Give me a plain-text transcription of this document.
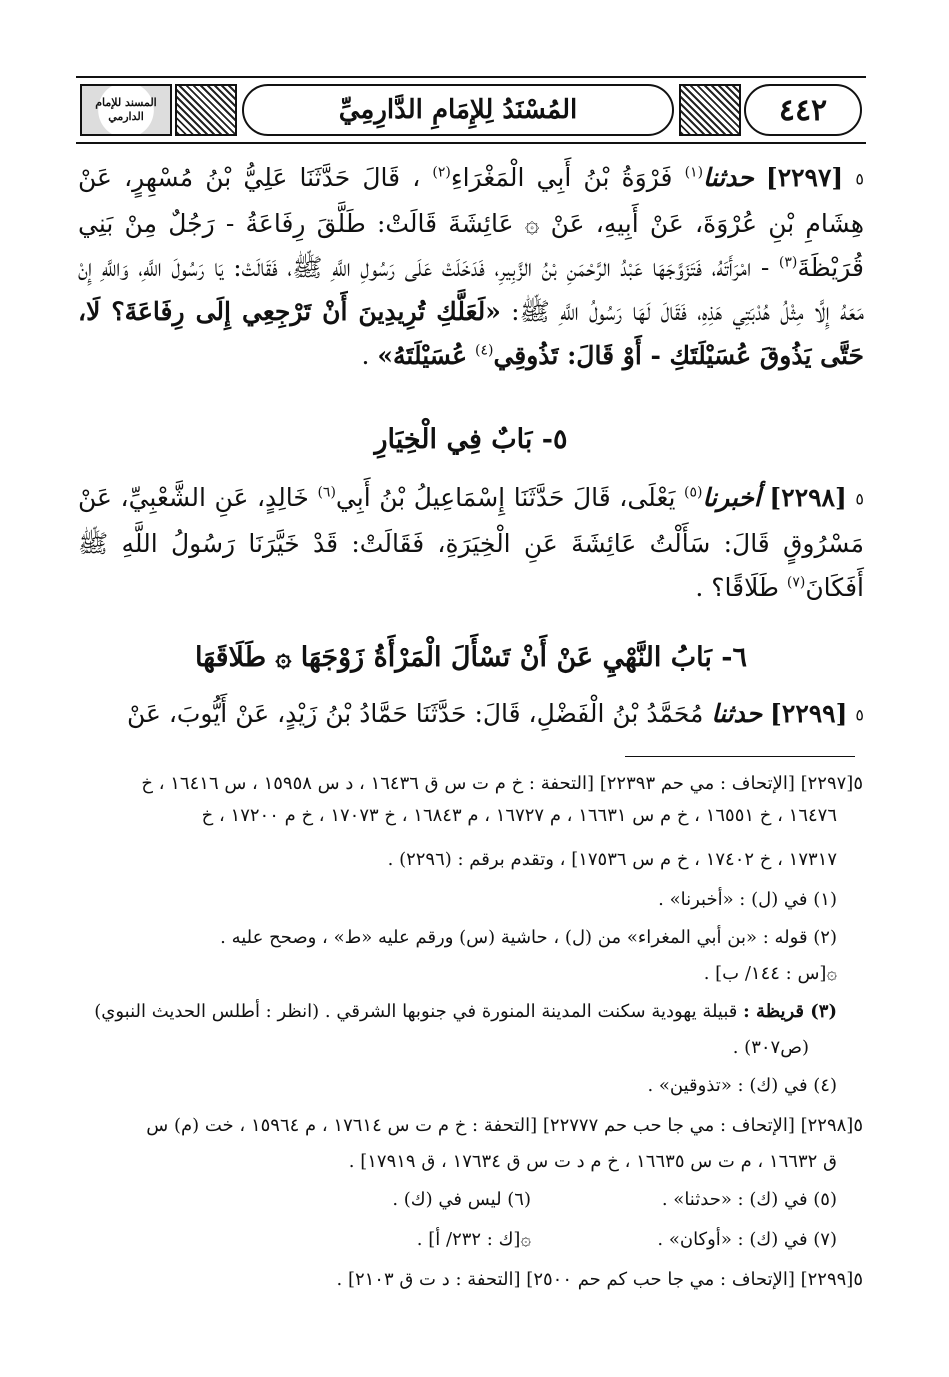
٤٤٢
المُسْنَدُ لِلإِمَامِ الدَّارِمِيِّ
المسند للإمام الدارمي
٥ [٢٢٩٧] حدثنا$^{(١)}$ فَرْوَةُ بْنُ أَبِي الْمَغْرَاءِ$^{(٢)}$ ، قَالَ حَدَّثَنَا عَلِيُّ بْنُ مُسْهِرٍ، عَنْ هِشَامِ بْنِ عُرْوَةَ، عَنْ أَبِيهِ، عَنْ ۞ عَائِشَةَ قَالَتْ: طَلَّقَ رِفَاعَةُ - رَجُلٌ مِنْ بَنِي قُرَيْظَةَ$^{(٣)}$ - امْرَأَتَهُ، فَتَزَوَّجَهَا عَبْدُ الرَّحْمَنِ بْنُ الزَّبِيرِ، فَدَخَلَتْ عَلَى رَسُولِ اللَّهِ ﷺ، فَقَالَتْ: يَا رَسُولَ اللَّهِ، وَاللَّهِ إِنْ مَعَهُ إِلَّا مِثْلُ هُدْبَتِي هَذِهِ، فَقَالَ لَهَا رَسُولُ اللَّهِ ﷺ: «لَعَلَّكِ تُرِيدِينَ أَنْ تَرْجِعِي إِلَى رِفَاعَةَ؟ لَا، حَتَّى يَذُوقَ عُسَيْلَتَكِ - أَوْ قَالَ: تَذُوقِي$^{(٤)}$ عُسَيْلَتَهُ» .
٥- بَابٌ فِي الْخِيَارِ
٥ [٢٢٩٨] أخبرنا$^{(٥)}$ يَعْلَى، قَالَ حَدَّثَنَا إِسْمَاعِيلُ بْنُ أَبِي$^{(٦)}$ خَالِدٍ، عَنِ الشَّعْبِيِّ، عَنْ مَسْرُوقٍ قَالَ: سَأَلْتُ عَائِشَةَ عَنِ الْخِيَرَةِ، فَقَالَتْ: قَدْ خَيَّرَنَا رَسُولُ اللَّهِ ﷺ أَفَكَانَ$^{(٧)}$ طَلَاقًا؟ .
٦- بَابُ النَّهْيِ عَنْ أَنْ تَسْأَلَ الْمَرْأَةُ زَوْجَهَا ۞ طَلَاقَهَا
٥ [٢٢٩٩] حدثنا مُحَمَّدُ بْنُ الْفَضْلِ، قَالَ: حَدَّثَنَا حَمَّادُ بْنُ زَيْدٍ، عَنْ أَيُّوبَ، عَنْ
٥[٢٢٩٧] [الإتحاف : مي حم ٢٢٣٩٣] [التحفة : خ م ت س ق ١٦٤٣٦ ، د س ١٥٩٥٨ ، س ١٦٤١٦ ، خ
١٦٤٧٦ ، خ ١٦٥٥١ ، خ م س ١٦٦٣١ ، م ١٦٧٢٧ ، م ١٦٨٤٣ ، خ ١٧٠٧٣ ، خ م ١٧٢٠٠ ، خ
١٧٣١٧ ، خ ١٧٤٠٢ ، خ م س ١٧٥٣٦] ، وتقدم برقم : (٢٢٩٦) .
(١) في (ل) : «أخبرنا» .
(٢) قوله : «بن أبي المغراء» من (ل) ، حاشية (س) ورقم عليه «ط» ، وصحح عليه .
۞[س : ١٤٤/ ب] .
(٣) قريظة : قبيلة يهودية سكنت المدينة المنورة في جنوبها الشرقي . (انظر : أطلس الحديث النبوي)
(ص٣٠٧) .
(٤) في (ك) : «تذوقين» .
٥[٢٢٩٨] [الإتحاف : مي جا حب حم ٢٢٧٧٧] [التحفة : خ م ت س ١٧٦١٤ ، م ١٥٩٦٤ ، خت (م) س
ق ١٦٦٣٢ ، م ت س ١٦٦٣٥ ، خ م د ت س ق ١٧٦٣٤ ، ق ١٧٩١٩] .
(٥) في (ك) : «حدثنا» .
(٦) ليس في (ك) .
(٧) في (ك) : «أوكان» .
۞[ك : ٢٣٢/ أ] .
٥[٢٢٩٩] [الإتحاف : مي جا حب كم حم ٢٥٠٠] [التحفة : د ت ق ٢١٠٣] .
